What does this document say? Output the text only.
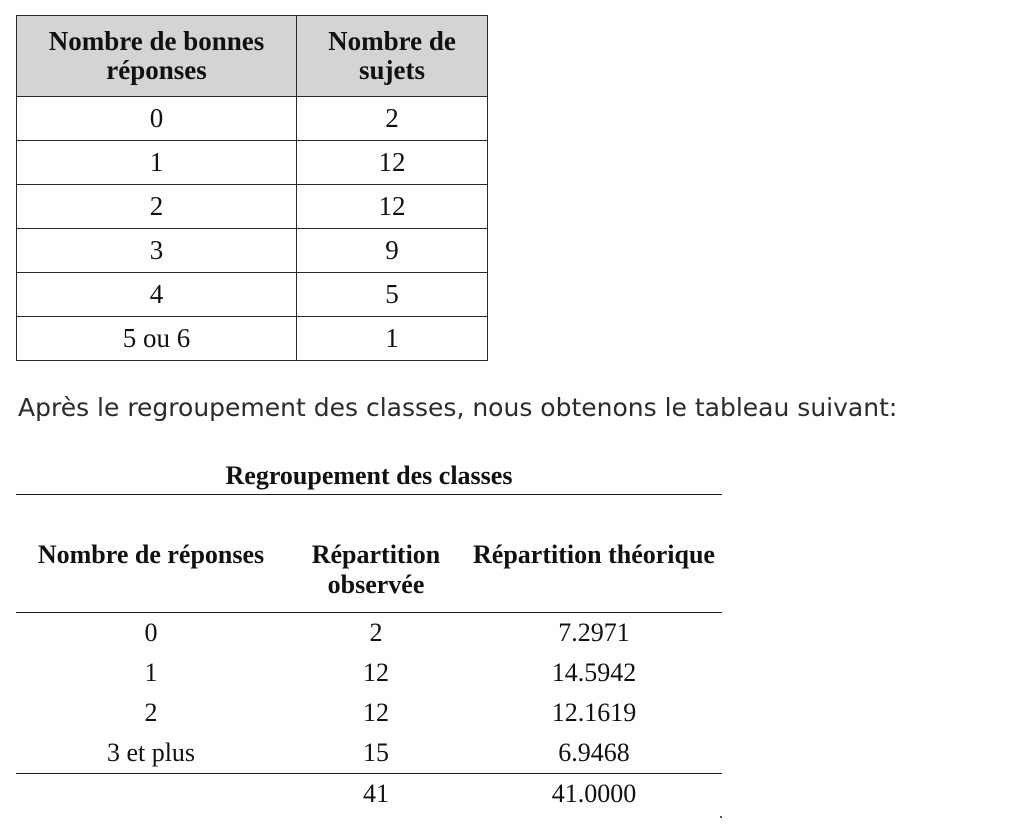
Nombre de bonnes réponses	Nombre de sujets
0	2
1	12
2	12
3	9
4	5
5 ou 6	1

Après le regroupement des classes, nous obtenons le tableau suivant:

Regroupement des classes
Nombre de réponses	Répartition observée	Répartition théorique
0	2	7.2971
1	12	14.5942
2	12	12.1619
3 et plus	15	6.9468
	41	41.0000
